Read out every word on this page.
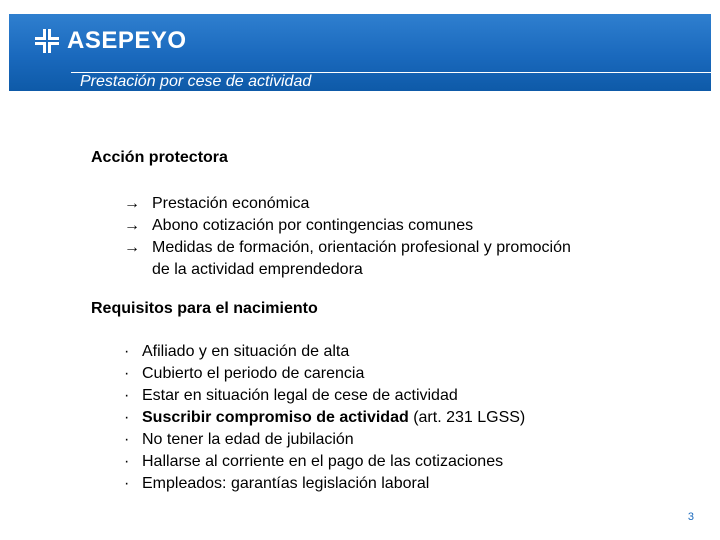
ASEPEYO
Prestación por cese de actividad
Acción protectora
→ Prestación económica
→ Abono cotización por contingencias comunes
→ Medidas de formación, orientación profesional y promoción
de la actividad emprendedora
Requisitos para el nacimiento
· Afiliado y en situación de alta
· Cubierto el periodo de carencia
· Estar en situación legal de cese de actividad
· Suscribir compromiso de actividad (art. 231 LGSS)
· No tener la edad de jubilación
· Hallarse al corriente en el pago de las cotizaciones
· Empleados: garantías legislación laboral
3
